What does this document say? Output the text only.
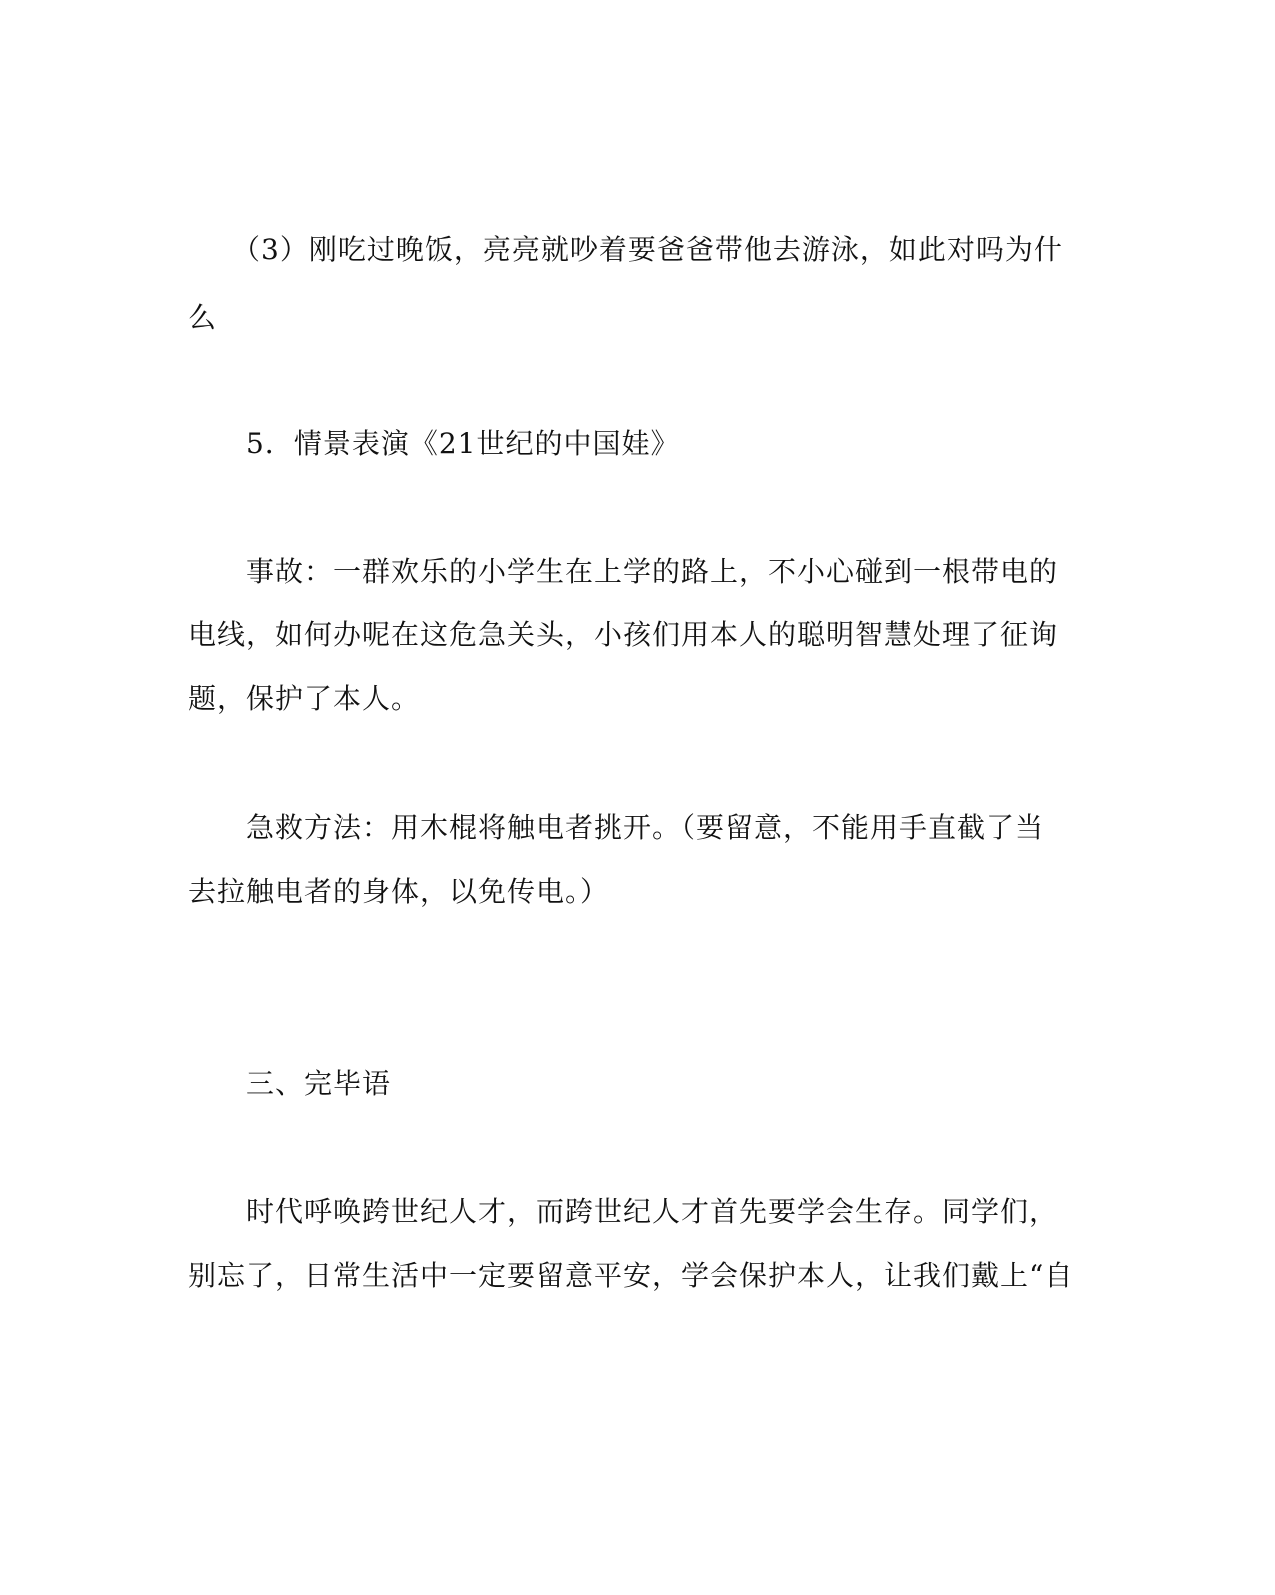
　　（3）刚吃过晚饭，亮亮就吵着要爸爸带他去游泳，如此对吗为什
么
　　5．情景表演《21世纪的中国娃》
　　事故：一群欢乐的小学生在上学的路上，不小心碰到一根带电的
电线，如何办呢在这危急关头，小孩们用本人的聪明智慧处理了征询
题，保护了本人。
　　急救方法：用木棍将触电者挑开。（要留意，不能用手直截了当
去拉触电者的身体，以免传电。）
　　三、完毕语
　　时代呼唤跨世纪人才，而跨世纪人才首先要学会生存。同学们，
别忘了，日常生活中一定要留意平安，学会保护本人，让我们戴上“自
